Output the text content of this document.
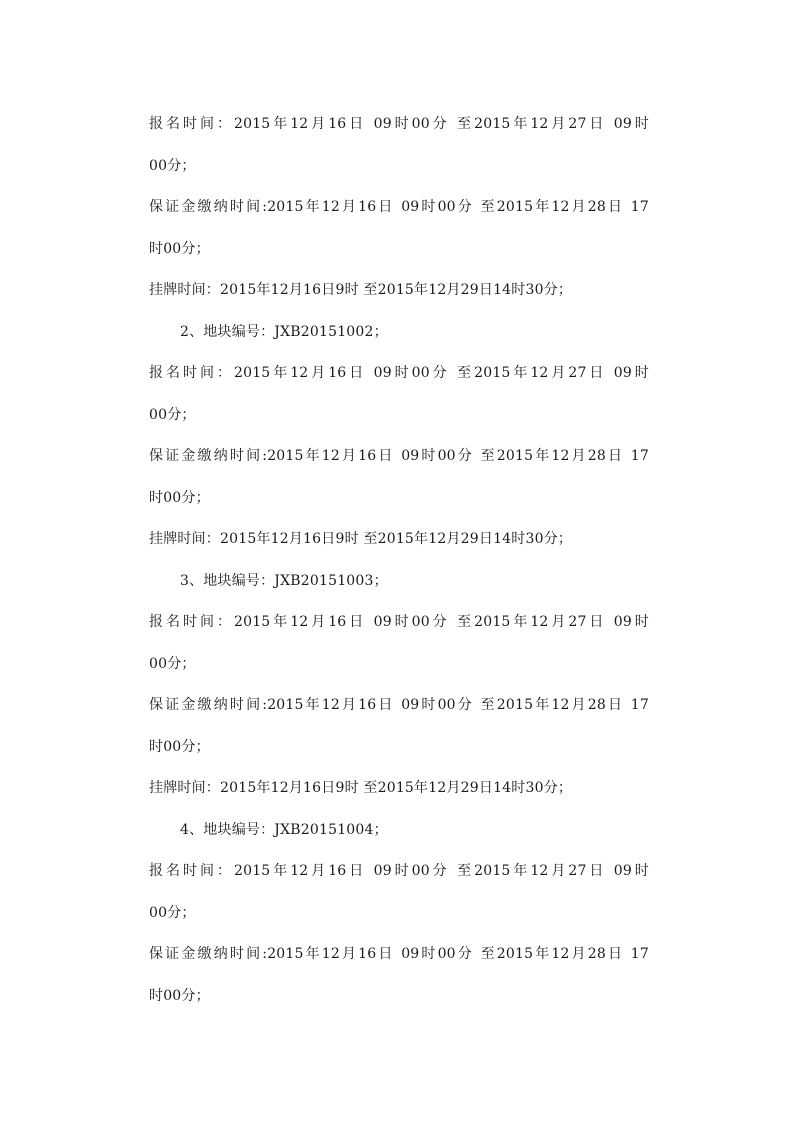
报名时间：2015年12月16日 09时00分 至2015年12月27日 09时
00分；
保证金缴纳时间:2015年12月16日 09时00分 至2015年12月28日 17
时00分；
挂牌时间：2015年12月16日9时 至2015年12月29日14时30分；
2、地块编号：JXB20151002；
报名时间：2015年12月16日 09时00分 至2015年12月27日 09时
00分；
保证金缴纳时间:2015年12月16日 09时00分 至2015年12月28日 17
时00分；
挂牌时间：2015年12月16日9时 至2015年12月29日14时30分；
3、地块编号：JXB20151003；
报名时间：2015年12月16日 09时00分 至2015年12月27日 09时
00分；
保证金缴纳时间:2015年12月16日 09时00分 至2015年12月28日 17
时00分；
挂牌时间：2015年12月16日9时 至2015年12月29日14时30分；
4、地块编号：JXB20151004；
报名时间：2015年12月16日 09时00分 至2015年12月27日 09时
00分；
保证金缴纳时间:2015年12月16日 09时00分 至2015年12月28日 17
时00分；
